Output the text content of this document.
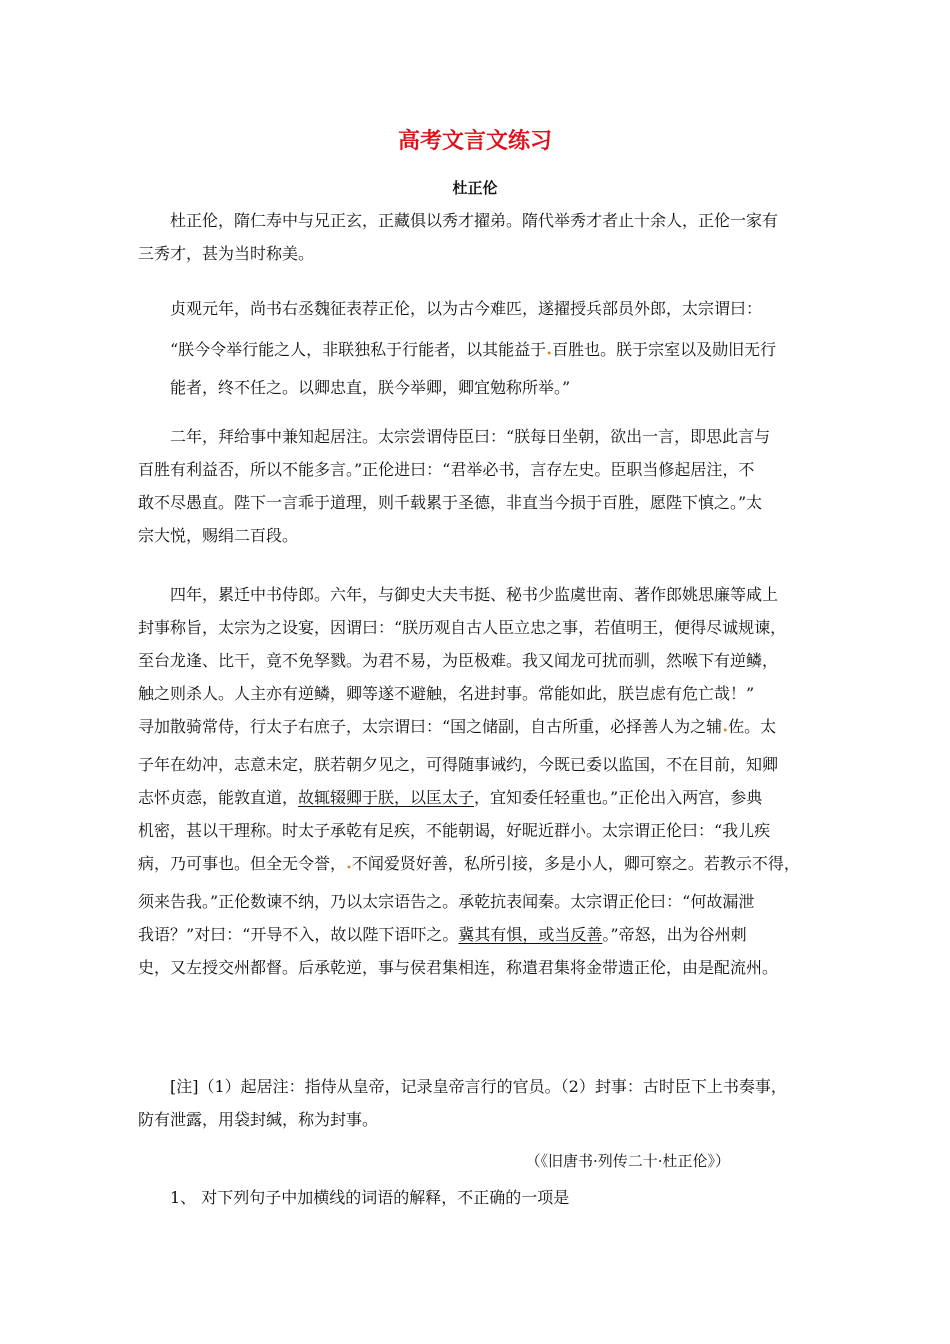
高考文言文练习
杜正伦
杜正伦，隋仁寿中与兄正玄，正藏俱以秀才擢弟。隋代举秀才者止十余人，正伦一家有
三秀才，甚为当时称美。
贞观元年，尚书右丞魏征表荐正伦，以为古今难匹，遂擢授兵部员外郎，太宗谓曰：
“朕今令举行能之人，非联独私于行能者，以其能益于•百胜也。朕于宗室以及勋旧无行
能者，终不任之。以卿忠直，朕今举卿，卿宜勉称所举。”
二年，拜给事中兼知起居注。太宗尝谓侍臣曰：“朕每日坐朝，欲出一言，即思此言与
百胜有利益否，所以不能多言。”正伦进曰：“君举必书，言存左史。臣职当修起居注，不
敢不尽愚直。陛下一言乖于道理，则千载累于圣德，非直当今损于百胜，愿陛下慎之。”太
宗大悦，赐绢二百段。
四年，累迁中书侍郎。六年，与御史大夫韦挺、秘书少监虞世南、著作郎姚思廉等咸上
封事称旨，太宗为之设宴，因谓曰：“朕历观自古人臣立忠之事，若值明王，便得尽诚规谏，
至台龙逢、比干，竟不免孥戮。为君不易，为臣极难。我又闻龙可扰而驯，然喉下有逆鳞，
触之则杀人。人主亦有逆鳞，卿等遂不避触，名进封事。常能如此，朕岂虑有危亡哉！”
寻加散骑常侍，行太子右庶子，太宗谓曰：“国之储副，自古所重，必择善人为之辅•佐。太
子年在幼冲，志意未定，朕若朝夕见之，可得随事诫约，今既已委以监国，不在目前，知卿
志怀贞悫，能敦直道，故辄辍卿于朕，以匡太子，宜知委任轻重也。”正伦出入两宫，参典
机密，甚以干理称。时太子承乾有足疾，不能朝谒，好昵近群小。太宗谓正伦曰：“我儿疾
病，乃可事也。但全无令誉，•不闻爱贤好善，私所引接，多是小人，卿可察之。若教示不得，
须来告我。”正伦数谏不纳，乃以太宗语告之。承乾抗表闻秦。太宗谓正伦曰：“何故漏泄
我语？”对曰：“开导不入，故以陛下语吓之。冀其有惧，或当反善。”帝怒，出为谷州刺
史，又左授交州都督。后承乾逆，事与侯君集相连，称遣君集将金带遗正伦，由是配流州。
[注]（1）起居注：指侍从皇帝，记录皇帝言行的官员。（2）封事：古时臣下上书奏事，
防有泄露，用袋封缄，称为封事。
（《旧唐书·列传二十·杜正伦》）
1、 对下列句子中加横线的词语的解释，不正确的一项是
